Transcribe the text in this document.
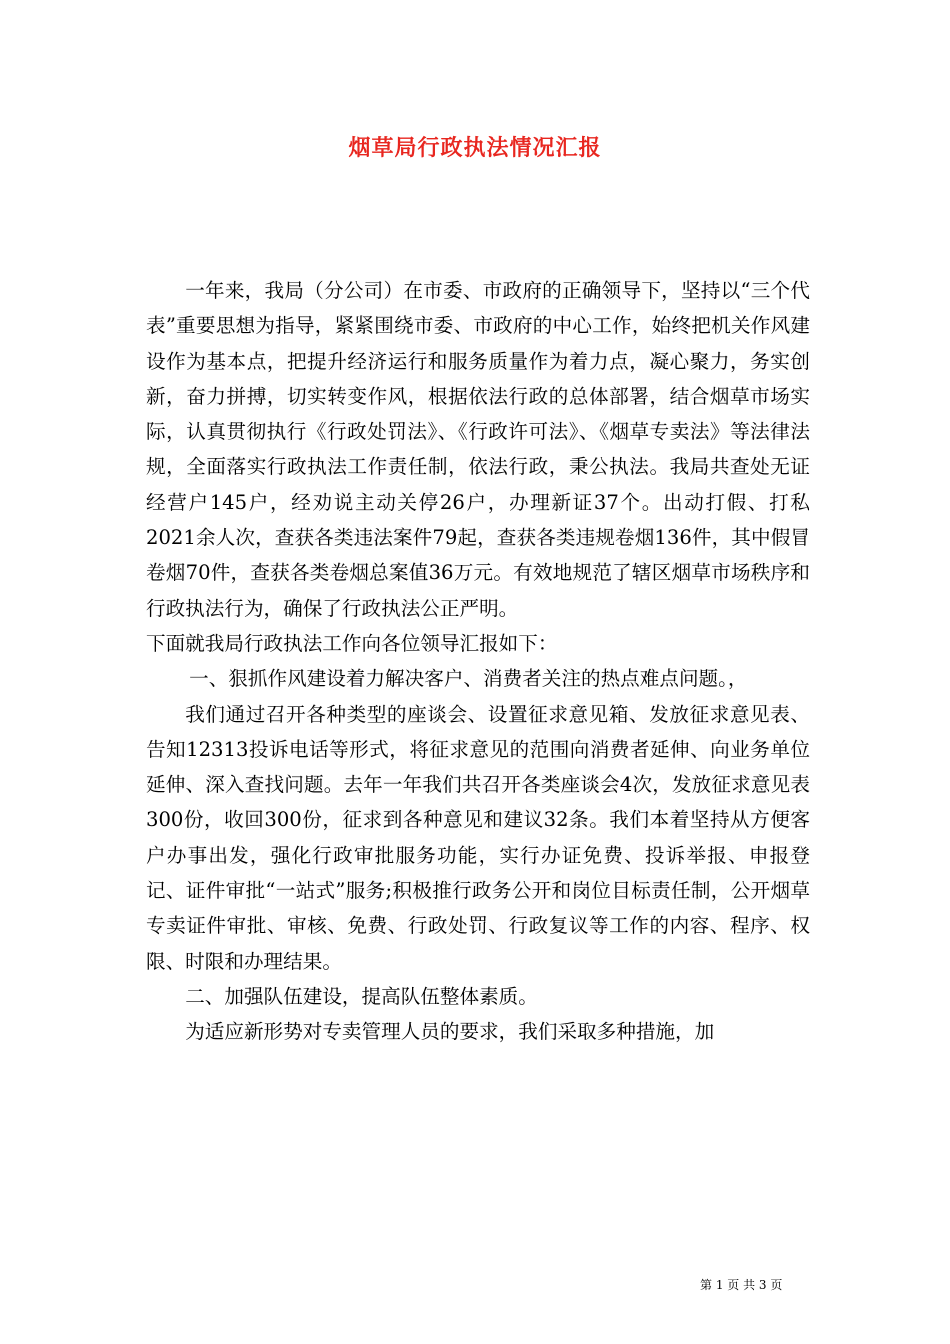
烟草局行政执法情况汇报

一年来，我局（分公司）在市委、市政府的正确领导下，坚持以“三个代表”重要思想为指导，紧紧围绕市委、市政府的中心工作，始终把机关作风建设作为基本点，把提升经济运行和服务质量作为着力点，凝心聚力，务实创新，奋力拼搏，切实转变作风，根据依法行政的总体部署，结合烟草市场实际，认真贯彻执行《行政处罚法》、《行政许可法》、《烟草专卖法》等法律法规，全面落实行政执法工作责任制，依法行政，秉公执法。我局共查处无证经营户145户，经劝说主动关停26户，办理新证37个。出动打假、打私2021余人次，查获各类违法案件79起，查获各类违规卷烟136件，其中假冒卷烟70件，查获各类卷烟总案值36万元。有效地规范了辖区烟草市场秩序和行政执法行为，确保了行政执法公正严明。

下面就我局行政执法工作向各位领导汇报如下：

一、狠抓作风建设着力解决客户、消费者关注的热点难点问题。，

我们通过召开各种类型的座谈会、设置征求意见箱、发放征求意见表、告知12313投诉电话等形式，将征求意见的范围向消费者延伸、向业务单位延伸、深入查找问题。去年一年我们共召开各类座谈会4次，发放征求意见表300份，收回300份，征求到各种意见和建议32条。我们本着坚持从方便客户办事出发，强化行政审批服务功能，实行办证免费、投诉举报、申报登记、证件审批“一站式”服务;积极推行政务公开和岗位目标责任制，公开烟草专卖证件审批、审核、免费、行政处罚、行政复议等工作的内容、程序、权限、时限和办理结果。

二、加强队伍建设，提高队伍整体素质。

为适应新形势对专卖管理人员的要求，我们采取多种措施，加

第 1 页 共 3 页
